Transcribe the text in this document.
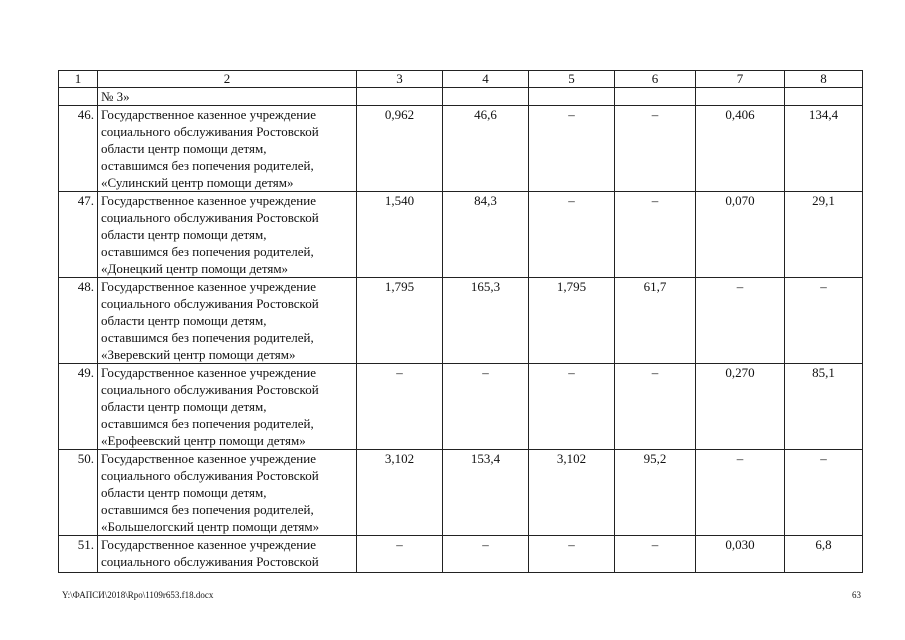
1	2	3	4	5	6	7	8
	№ 3»						
46.	Государственное казенное учреждение
социального обслуживания Ростовской
области центр помощи детям,
оставшимся без попечения родителей,
«Сулинский центр помощи детям»	0,962	46,6	–	–	0,406	134,4
47.	Государственное казенное учреждение
социального обслуживания Ростовской
области центр помощи детям,
оставшимся без попечения родителей,
«Донецкий центр помощи детям»	1,540	84,3	–	–	0,070	29,1
48.	Государственное казенное учреждение
социального обслуживания Ростовской
области центр помощи детям,
оставшимся без попечения родителей,
«Зверевский центр помощи детям»	1,795	165,3	1,795	61,7	–	–
49.	Государственное казенное учреждение
социального обслуживания Ростовской
области центр помощи детям,
оставшимся без попечения родителей,
«Ерофеевский центр помощи детям»	–	–	–	–	0,270	85,1
50.	Государственное казенное учреждение
социального обслуживания Ростовской
области центр помощи детям,
оставшимся без попечения родителей,
«Большелогский центр помощи детям»	3,102	153,4	3,102	95,2	–	–
51.	Государственное казенное учреждение
социального обслуживания Ростовской	–	–	–	–	0,030	6,8
Y:\ФАПСИ\2018\Rpo\1109r653.f18.docx	63
